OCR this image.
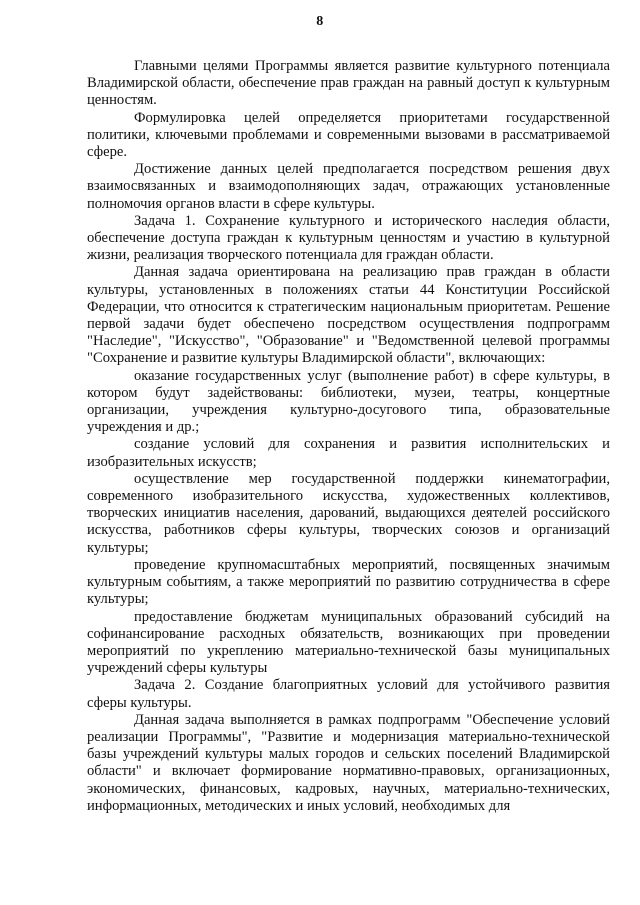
8

Главными целями Программы является развитие культурного потенциала Владимирской области, обеспечение прав граждан на равный доступ к культурным ценностям.

Формулировка целей определяется приоритетами государственной политики, ключевыми проблемами и современными вызовами в рассматриваемой сфере.

Достижение данных целей предполагается посредством решения двух взаимосвязанных и взаимодополняющих задач, отражающих установленные полномочия органов власти в сфере культуры.

Задача 1. Сохранение культурного и исторического наследия области, обеспечение доступа граждан к культурным ценностям и участию в культурной жизни, реализация творческого потенциала для граждан области.

Данная задача ориентирована на реализацию прав граждан в области культуры, установленных в положениях статьи 44 Конституции Российской Федерации, что относится к стратегическим национальным приоритетам. Решение первой задачи будет обеспечено посредством осуществления подпрограмм "Наследие", "Искусство", "Образование" и "Ведомственной целевой программы "Сохранение и развитие культуры Владимирской области", включающих:

оказание государственных услуг (выполнение работ) в сфере культуры, в котором будут задействованы: библиотеки, музеи, театры, концертные организации, учреждения культурно-досугового типа, образовательные учреждения и др.;

создание условий для сохранения и развития исполнительских и изобразительных искусств;

осуществление мер государственной поддержки кинематографии, современного изобразительного искусства, художественных коллективов, творческих инициатив населения, дарований, выдающихся деятелей российского искусства, работников сферы культуры, творческих союзов и организаций культуры;

проведение крупномасштабных мероприятий, посвященных значимым культурным событиям, а также мероприятий по развитию сотрудничества в сфере культуры;

предоставление бюджетам муниципальных образований субсидий на софинансирование расходных обязательств, возникающих при проведении мероприятий по укреплению материально-технической базы муниципальных учреждений сферы культуры

Задача 2. Создание благоприятных условий для устойчивого развития сферы культуры.

Данная задача выполняется в рамках подпрограмм "Обеспечение условий реализации Программы", "Развитие и модернизация материально-технической базы учреждений культуры малых городов и сельских поселений Владимирской области" и включает формирование нормативно-правовых, организационных, экономических, финансовых, кадровых, научных, материально-технических, информационных, методических и иных условий, необходимых для
